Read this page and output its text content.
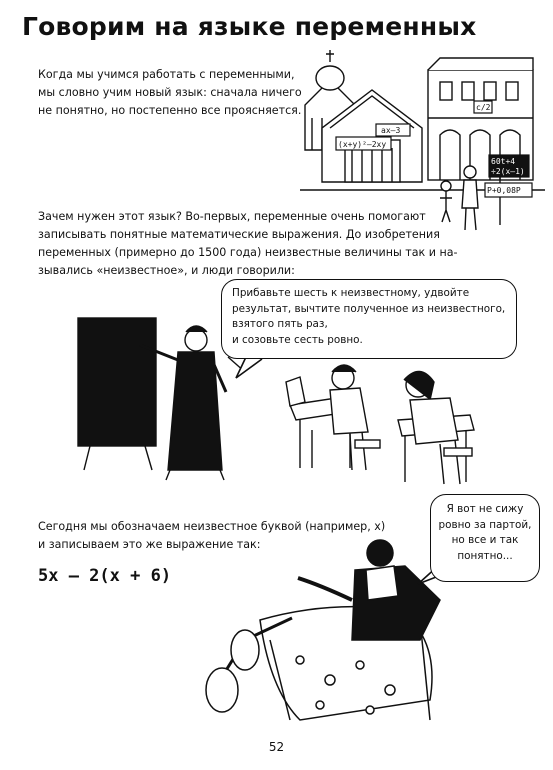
(x+y)²–2xy
ax–3
c/2
60t+4
÷2(x–1)
P+0,08P
Говорим на языке переменных
Когда мы учимся работать с переменными,
мы словно учим новый язык: сначала ничего
не понятно, но постепенно все проясняется.
Зачем нужен этот язык? Во-первых, переменные очень помогают
записывать понятные математические выражения. До изобретения
переменных (примерно до 1500 года) неизвестные величины так и на-
зывались «неизвестное», и люди говорили:
Прибавьте шесть к неизвестному, удвойте
результат, вычтите полученное из неизвестного,
взятого пять раз,
и созовьте сесть ровно.
Сегодня мы обозначаем неизвестное буквой (например, x)
и записываем это же выражение так:
5x – 2(x + 6)
Я вот не сижу
ровно за партой,
но все и так
понятно...
52
